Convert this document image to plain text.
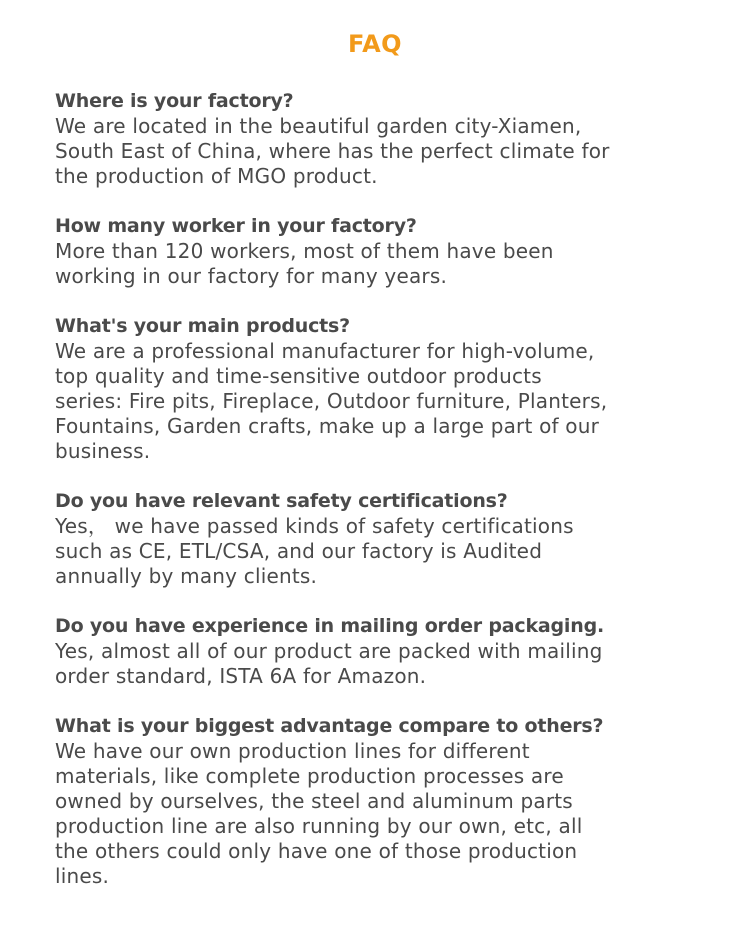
FAQ
Where is your factory?
We are located in the beautiful garden city-Xiamen,
South East of China, where has the perfect climate for
the production of MGO product.
How many worker in your factory?
More than 120 workers, most of them have been
working in our factory for many years.
What's your main products?
We are a professional manufacturer for high-volume,
top quality and time-sensitive outdoor products
series: Fire pits, Fireplace, Outdoor furniture, Planters,
Fountains, Garden crafts, make up a large part of our
business.
Do you have relevant safety certifications?
Yes， we have passed kinds of safety certifications
such as CE, ETL/CSA, and our factory is Audited
annually by many clients.
Do you have experience in mailing order packaging.
Yes, almost all of our product are packed with mailing
order standard, ISTA 6A for Amazon.
What is your biggest advantage compare to others?
We have our own production lines for different
materials, like complete production processes are
owned by ourselves, the steel and aluminum parts
production line are also running by our own, etc, all
the others could only have one of those production
lines.
